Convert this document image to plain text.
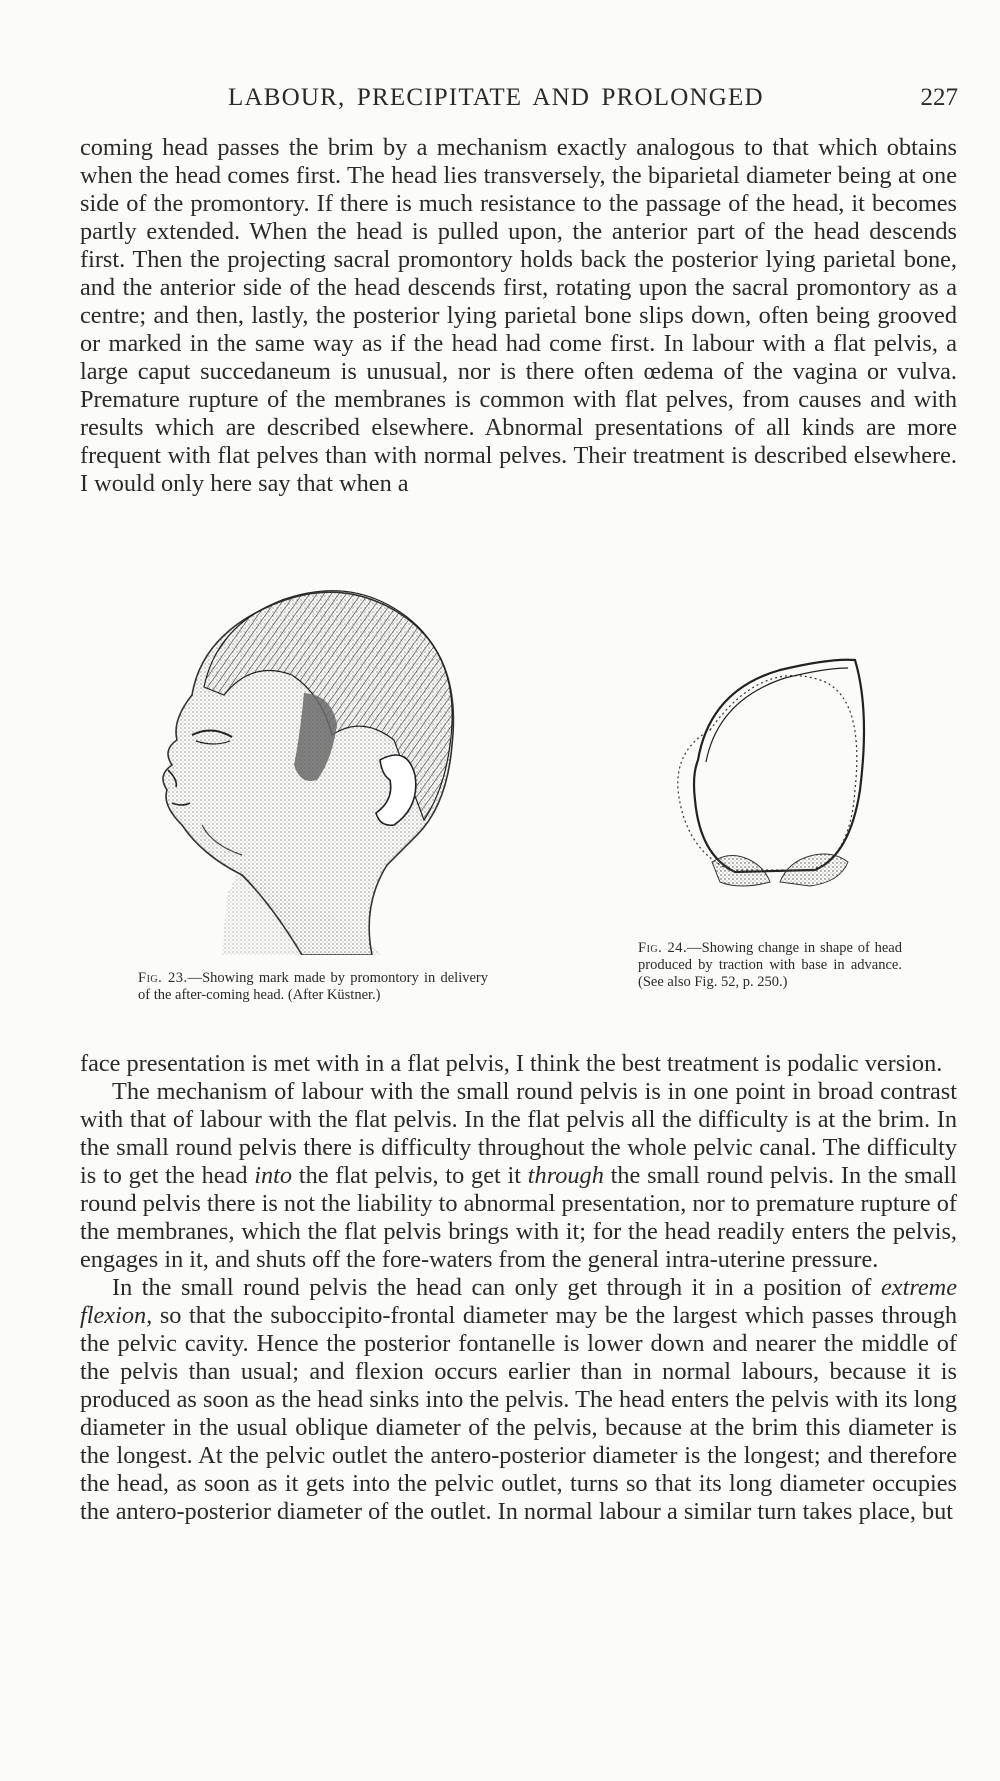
LABOUR, PRECIPITATE AND PROLONGED	227

coming head passes the brim by a mechanism exactly analogous to that which obtains when the head comes first. The head lies transversely, the biparietal diameter being at one side of the promontory. If there is much resistance to the passage of the head, it becomes partly extended. When the head is pulled upon, the anterior part of the head descends first. Then the projecting sacral promontory holds back the posterior lying parietal bone, and the anterior side of the head descends first, rotating upon the sacral promontory as a centre; and then, lastly, the posterior lying parietal bone slips down, often being grooved or marked in the same way as if the head had come first. In labour with a flat pelvis, a large caput succedaneum is unusual, nor is there often œdema of the vagina or vulva. Premature rupture of the membranes is common with flat pelves, from causes and with results which are described elsewhere. Abnormal presentations of all kinds are more frequent with flat pelves than with normal pelves. Their treatment is described elsewhere. I would only here say that when a

Fig. 23.—Showing mark made by promontory in delivery of the after-coming head. (After Küstner.)

Fig. 24.—Showing change in shape of head produced by traction with base in advance. (See also Fig. 52, p. 250.)

face presentation is met with in a flat pelvis, I think the best treatment is podalic version.

The mechanism of labour with the small round pelvis is in one point in broad contrast with that of labour with the flat pelvis. In the flat pelvis all the difficulty is at the brim. In the small round pelvis there is difficulty throughout the whole pelvic canal. The difficulty is to get the head into the flat pelvis, to get it through the small round pelvis. In the small round pelvis there is not the liability to abnormal presentation, nor to premature rupture of the membranes, which the flat pelvis brings with it; for the head readily enters the pelvis, engages in it, and shuts off the fore-waters from the general intra-uterine pressure.

In the small round pelvis the head can only get through it in a position of extreme flexion, so that the suboccipito-frontal diameter may be the largest which passes through the pelvic cavity. Hence the posterior fontanelle is lower down and nearer the middle of the pelvis than usual; and flexion occurs earlier than in normal labours, because it is produced as soon as the head sinks into the pelvis. The head enters the pelvis with its long diameter in the usual oblique diameter of the pelvis, because at the brim this diameter is the longest. At the pelvic outlet the antero-posterior diameter is the longest; and therefore the head, as soon as it gets into the pelvic outlet, turns so that its long diameter occupies the antero-posterior diameter of the outlet. In normal labour a similar turn takes place, but
